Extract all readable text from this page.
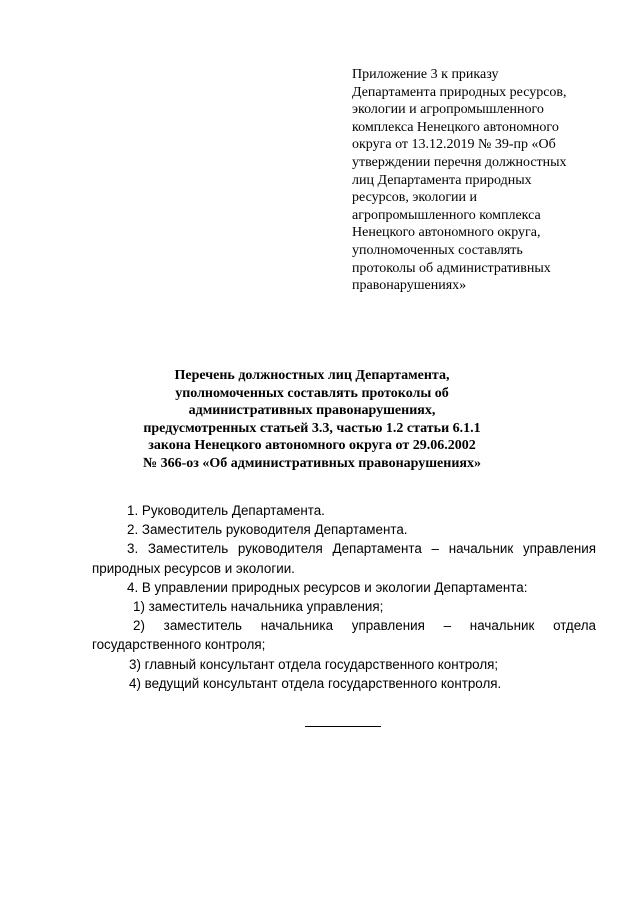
Приложение 3 к приказу
Департамента природных ресурсов,
экологии и агропромышленного
комплекса Ненецкого автономного
округа от 13.12.2019 № 39-пр «Об
утверждении перечня должностных
лиц Департамента природных
ресурсов, экологии и
агропромышленного комплекса
Ненецкого автономного округа,
уполномоченных составлять
протоколы об административных
правонарушениях»
Перечень должностных лиц Департамента,
уполномоченных составлять протоколы об
административных правонарушениях,
предусмотренных статьей 3.3, частью 1.2 статьи 6.1.1
закона Ненецкого автономного округа от 29.06.2002
№ 366-оз «Об административных правонарушениях»
1. Руководитель Департамента.
2. Заместитель руководителя Департамента.
3. Заместитель руководителя Департамента – начальник управления
природных ресурсов и экологии.
4. В управлении природных ресурсов и экологии Департамента:
1) заместитель начальника управления;
2) заместитель начальника управления – начальник отдела
государственного контроля;
3) главный консультант отдела государственного контроля;
4) ведущий консультант отдела государственного контроля.
